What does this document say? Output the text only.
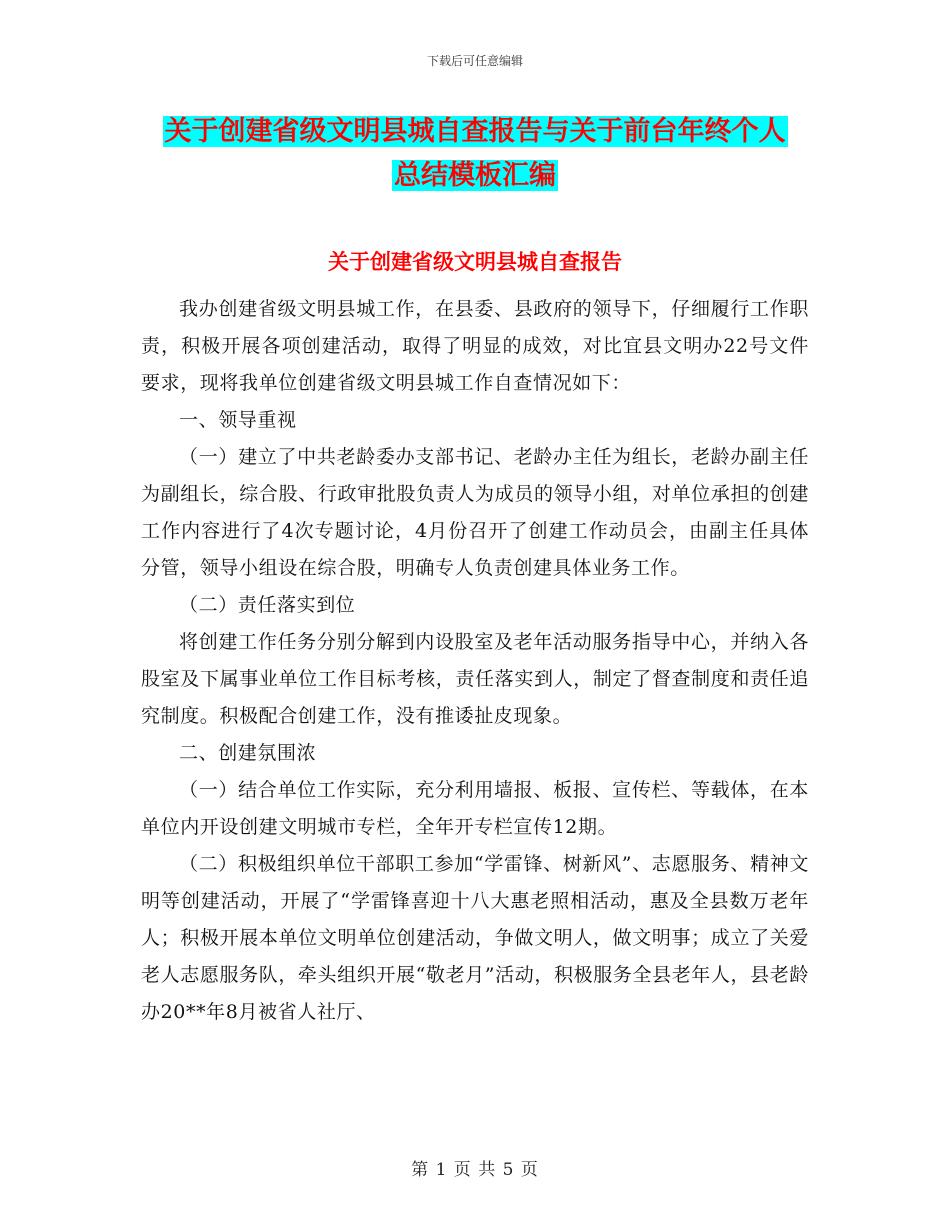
下载后可任意编辑
关于创建省级文明县城自查报告与关于前台年终个人
总结模板汇编
关于创建省级文明县城自查报告

我办创建省级文明县城工作，在县委、县政府的领导下，仔细履行工作职责，积极开展各项创建活动，取得了明显的成效，对比宜县文明办22号文件要求，现将我单位创建省级文明县城工作自查情况如下：

一、领导重视

（一）建立了中共老龄委办支部书记、老龄办主任为组长，老龄办副主任为副组长，综合股、行政审批股负责人为成员的领导小组，对单位承担的创建工作内容进行了4次专题讨论，4月份召开了创建工作动员会，由副主任具体分管，领导小组设在综合股，明确专人负责创建具体业务工作。

（二）责任落实到位

将创建工作任务分别分解到内设股室及老年活动服务指导中心，并纳入各股室及下属事业单位工作目标考核，责任落实到人，制定了督查制度和责任追究制度。积极配合创建工作，没有推诿扯皮现象。

二、创建氛围浓

（一）结合单位工作实际，充分利用墙报、板报、宣传栏、等载体，在本单位内开设创建文明城市专栏，全年开专栏宣传12期。

（二）积极组织单位干部职工参加“学雷锋、树新风”、志愿服务、精神文明等创建活动，开展了“学雷锋喜迎十八大惠老照相活动，惠及全县数万老年人；积极开展本单位文明单位创建活动，争做文明人，做文明事；成立了关爱老人志愿服务队，牵头组织开展“敬老月”活动，积极服务全县老年人，县老龄办20**年8月被省人社厅、

第 1 页 共 5 页
